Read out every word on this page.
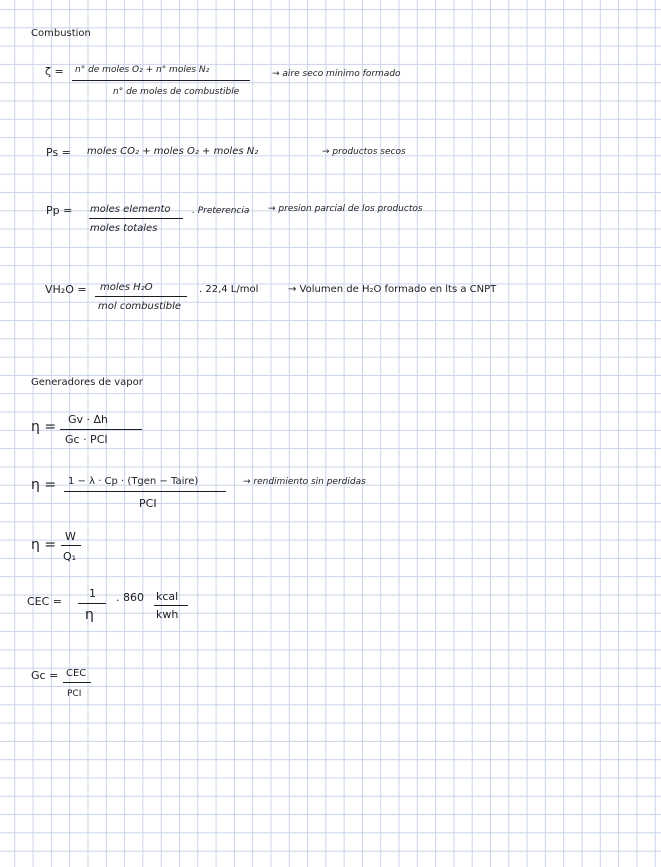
Combustion
ζ = n° de moles O₂ + n° moles N₂
n° de moles de combustible
→ aire seco minimo formado
Ps = moles CO₂ + moles O₂ + moles N₂	→ productos secos
Pp = moles elemento
moles totales
. Preterencia → presion parcial de los productos
VH₂O = moles H₂O
mol combustible
. 22,4 L/mol	→ Volumen de H₂O formado en lts a CNPT
Generadores de vapor
η = Gv · Δh
Gc · PCI
η = 1 − λ · Cp · (Tgen − Taire)
PCI
→ rendimiento sin perdidas
η =
W
Q₁
CEC =
1
η
. 860 kcal
kwh
Gc = CEC
PCI
